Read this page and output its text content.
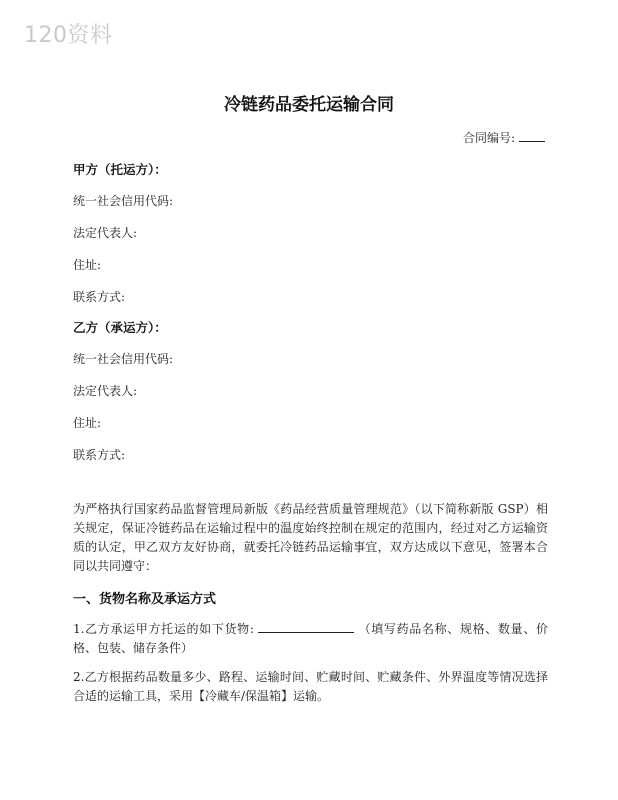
120资料
冷链药品委托运输合同
合同编号:
甲方（托运方）：
统一社会信用代码:
法定代表人:
住址:
联系方式:
乙方（承运方）：
统一社会信用代码:
法定代表人:
住址:
联系方式:
为严格执行国家药品监督管理局新版《药品经营质量管理规范》（以下简称新版 GSP）相关规定，保证冷链药品在运输过程中的温度始终控制在规定的范围内，经过对乙方运输资质的认定，甲乙双方友好协商，就委托冷链药品运输事宜，双方达成以下意见，签署本合同以共同遵守：
一、货物名称及承运方式
1.乙方承运甲方托运的如下货物:	（填写药品名称、规格、数量、价格、包装、储存条件）
2.乙方根据药品数量多少、路程、运输时间、贮藏时间、贮藏条件、外界温度等情况选择合适的运输工具，采用【冷藏车/保温箱】运输。
